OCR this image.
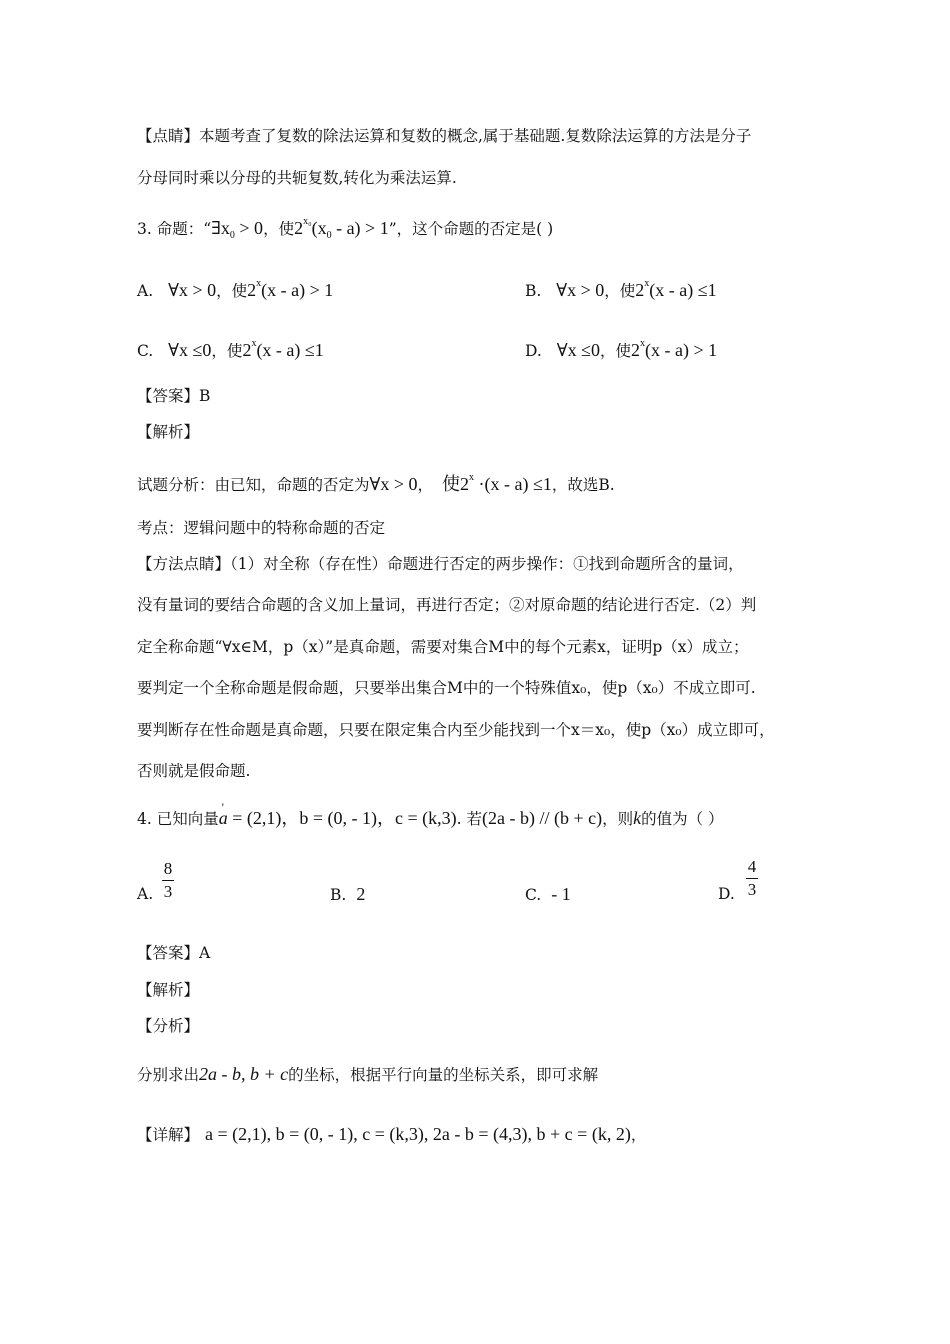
【点睛】本题考查了复数的除法运算和复数的概念,属于基础题.复数除法运算的方法是分子
分母同时乘以分母的共轭复数,转化为乘法运算.
3. 命题：“$\exists x_0 > 0$，使$2^{x_0}(x_0 - a) > 1$”，这个命题的否定是( )
A. ∀x > 0，使2$^x$(x - a) > 1	B. ∀x > 0，使2$^x$(x - a) ≤1
C. ∀x ≤0，使2$^x$(x - a) ≤1	D. ∀x ≤0，使2$^x$(x - a) > 1
【答案】B
【解析】
试题分析：由已知，命题的否定为∀x > 0， 使$2^x \cdot(x - a) \le 1$，故选B.
考点：逻辑问题中的特称命题的否定
【方法点睛】（1）对全称（存在性）命题进行否定的两步操作：①找到命题所含的量词，
没有量词的要结合命题的含义加上量词，再进行否定；②对原命题的结论进行否定.（2）判
定全称命题“∀x∈M，p（x）”是真命题，需要对集合M中的每个元素x，证明p（x）成立；
要判定一个全称命题是假命题，只要举出集合M中的一个特殊值x₀，使p（x₀）不成立即可.
要判断存在性命题是真命题，只要在限定集合内至少能找到一个x＝x₀，使p（x₀）成立即可，
否则就是假命题.
4. 已知向量' a = (2,1)，b = (0, - 1)，c = (k,3). 若(2a - b) // (b + c)，则k的值为（ ）
A.
8
3	B. 2	C. - 1	D.
4
3
【答案】A
【解析】
【分析】
分别求出2a - b, b + c的坐标，根据平行向量的坐标关系，即可求解
【详解】 a = (2,1), b = (0, - 1), c = (k,3), 2a - b = (4,3), b + c = (k, 2)，
